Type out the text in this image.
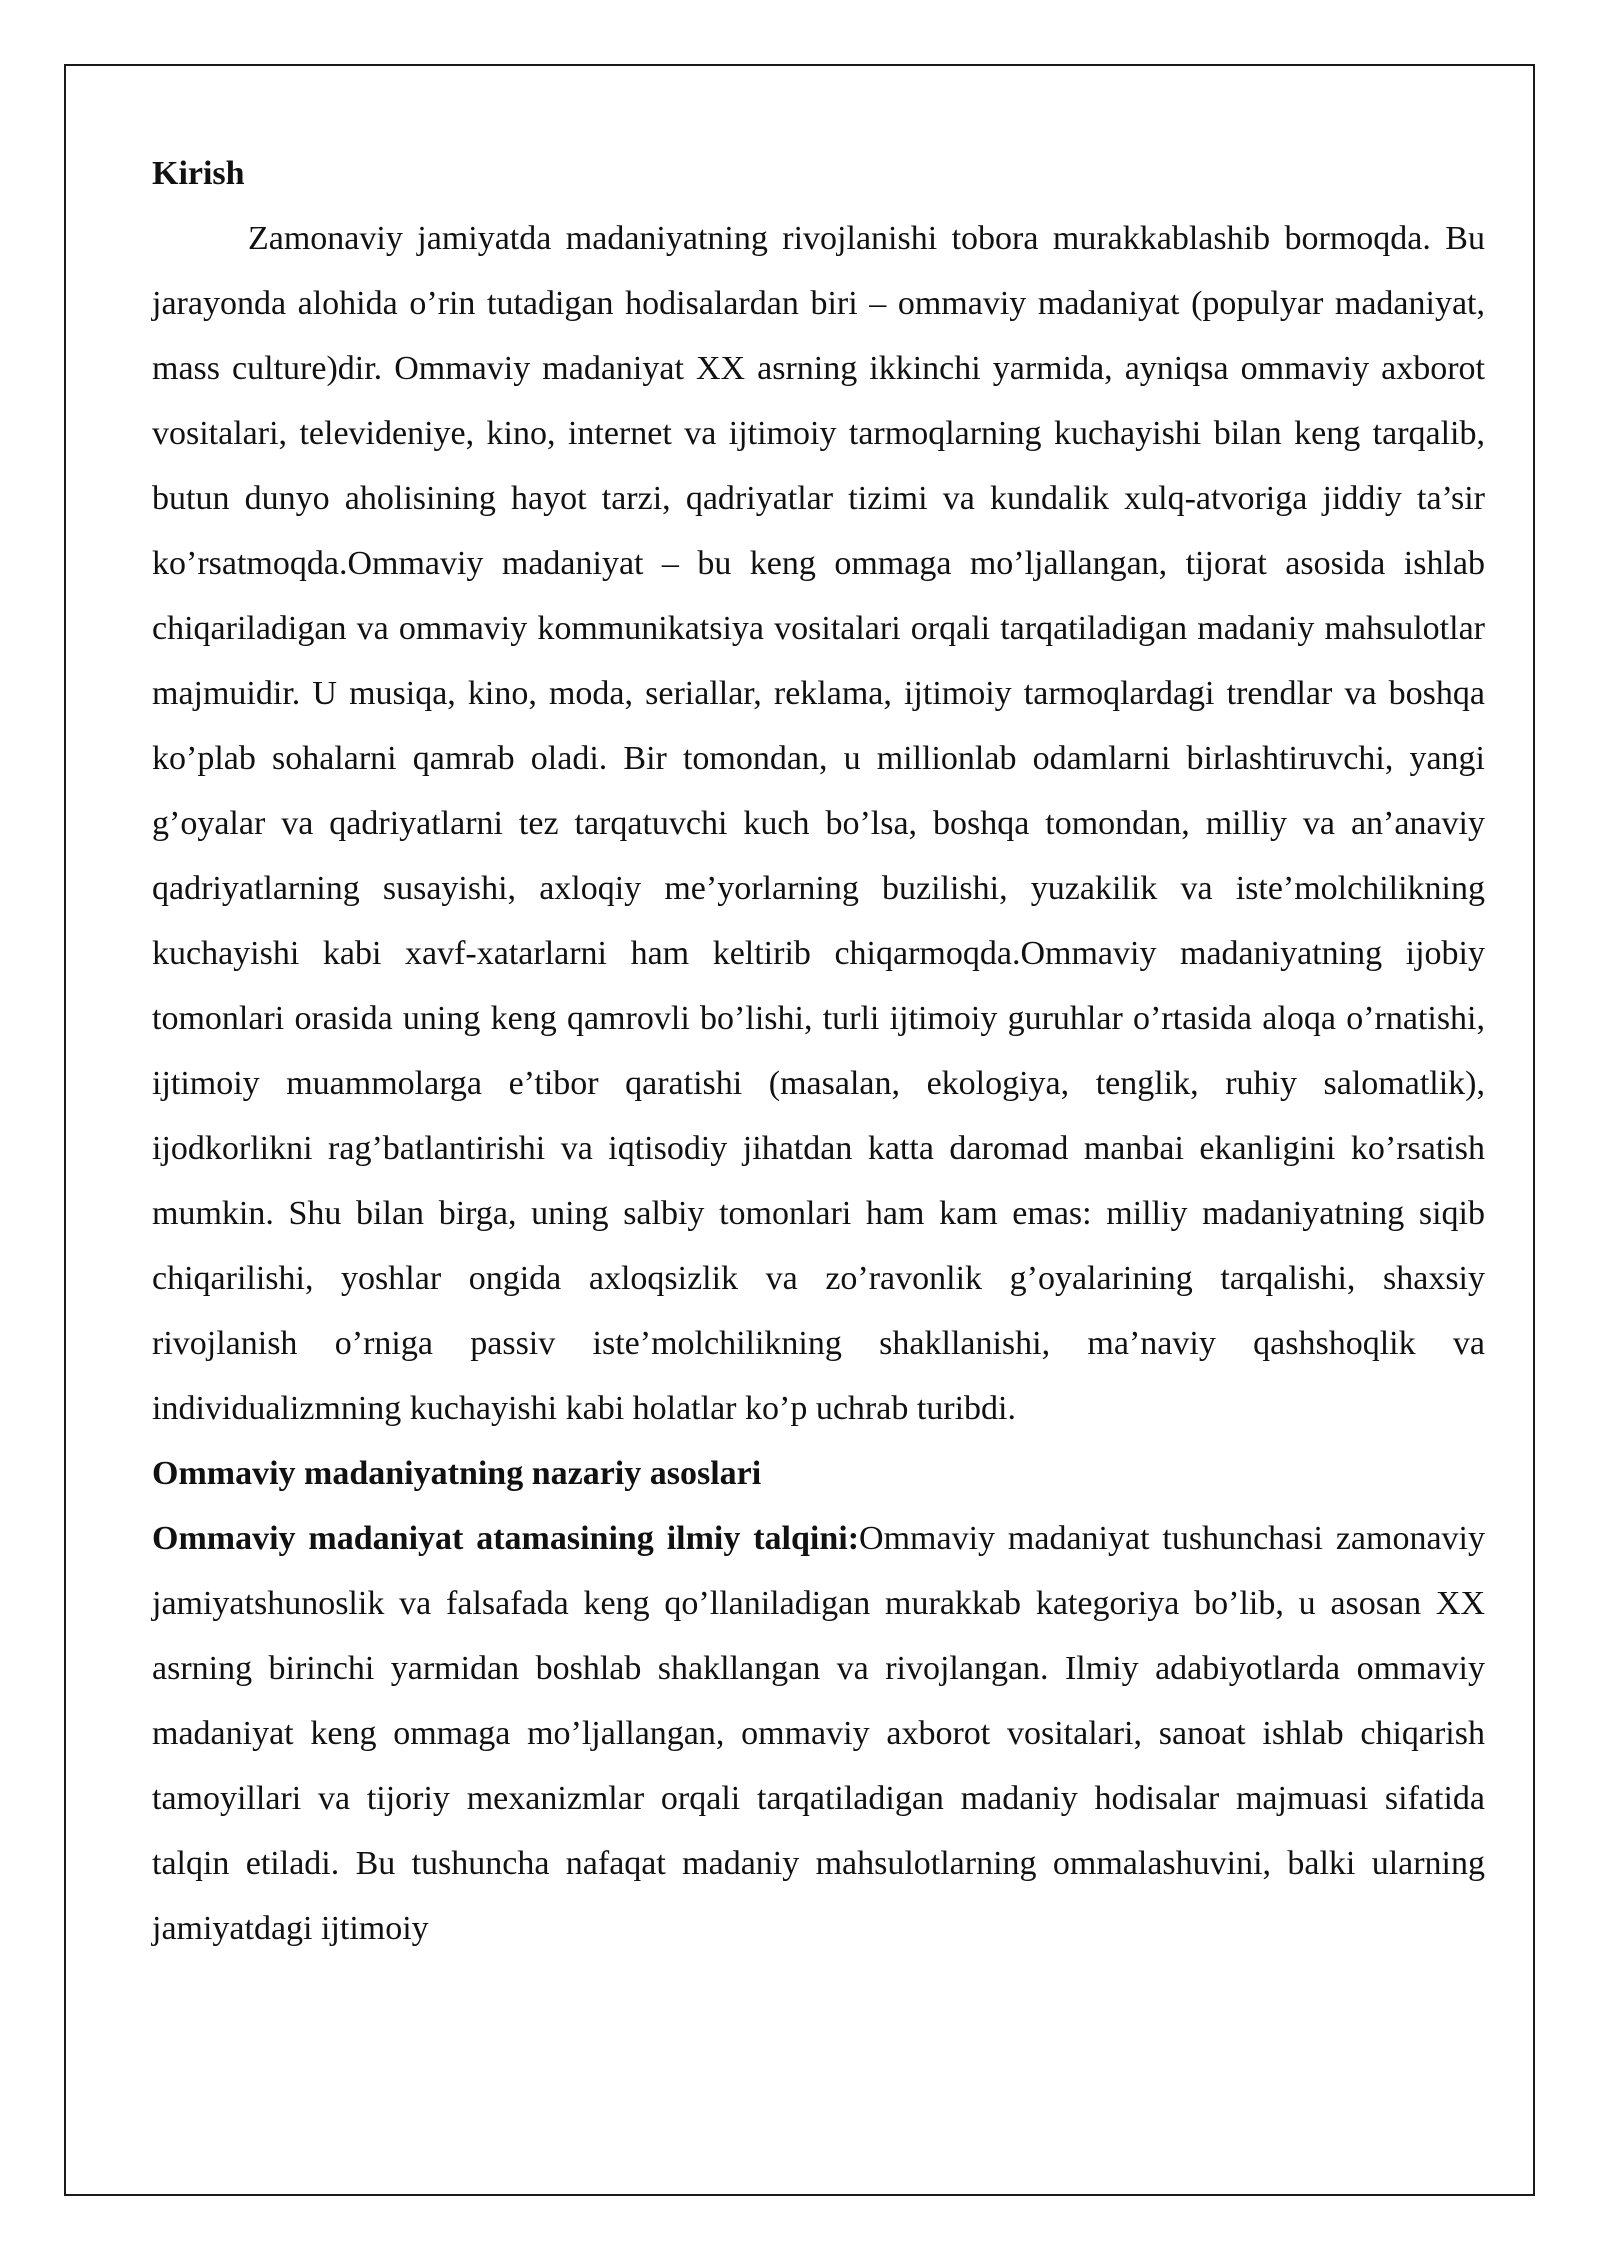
Kirish

Zamonaviy jamiyatda madaniyatning rivojlanishi tobora murakkablashib bormoqda. Bu jarayonda alohida o’rin tutadigan hodisalardan biri – ommaviy madaniyat (populyar madaniyat, mass culture)dir. Ommaviy madaniyat XX asrning ikkinchi yarmida, ayniqsa ommaviy axborot vositalari, televideniye, kino, internet va ijtimoiy tarmoqlarning kuchayishi bilan keng tarqalib, butun dunyo aholisining hayot tarzi, qadriyatlar tizimi va kundalik xulq-atvoriga jiddiy ta’sir ko’rsatmoqda.Ommaviy madaniyat – bu keng ommaga mo’ljallangan, tijorat asosida ishlab chiqariladigan va ommaviy kommunikatsiya vositalari orqali tarqatiladigan madaniy mahsulotlar majmuidir. U musiqa, kino, moda, seriallar, reklama, ijtimoiy tarmoqlardagi trendlar va boshqa ko’plab sohalarni qamrab oladi. Bir tomondan, u millionlab odamlarni birlashtiruvchi, yangi g’oyalar va qadriyatlarni tez tarqatuvchi kuch bo’lsa, boshqa tomondan, milliy va an’anaviy qadriyatlarning susayishi, axloqiy me’yorlarning buzilishi, yuzakilik va iste’molchilikning kuchayishi kabi xavf-xatarlarni ham keltirib chiqarmoqda.Ommaviy madaniyatning ijobiy tomonlari orasida uning keng qamrovli bo’lishi, turli ijtimoiy guruhlar o’rtasida aloqa o’rnatishi, ijtimoiy muammolarga e’tibor qaratishi (masalan, ekologiya, tenglik, ruhiy salomatlik), ijodkorlikni rag’batlantirishi va iqtisodiy jihatdan katta daromad manbai ekanligini ko’rsatish mumkin. Shu bilan birga, uning salbiy tomonlari ham kam emas: milliy madaniyatning siqib chiqarilishi, yoshlar ongida axloqsizlik va zo’ravonlik g’oyalarining tarqalishi, shaxsiy rivojlanish o’rniga passiv iste’molchilikning shakllanishi, ma’naviy qashshoqlik va individualizmning kuchayishi kabi holatlar ko’p uchrab turibdi.

Ommaviy madaniyatning nazariy asoslari

Ommaviy madaniyat atamasining ilmiy talqini:Ommaviy madaniyat tushunchasi zamonaviy jamiyatshunoslik va falsafada keng qo’llaniladigan murakkab kategoriya bo’lib, u asosan XX asrning birinchi yarmidan boshlab shakllangan va rivojlangan. Ilmiy adabiyotlarda ommaviy madaniyat keng ommaga mo’ljallangan, ommaviy axborot vositalari, sanoat ishlab chiqarish tamoyillari va tijoriy mexanizmlar orqali tarqatiladigan madaniy hodisalar majmuasi sifatida talqin etiladi. Bu tushuncha nafaqat madaniy mahsulotlarning ommalashuvini, balki ularning jamiyatdagi ijtimoiy
